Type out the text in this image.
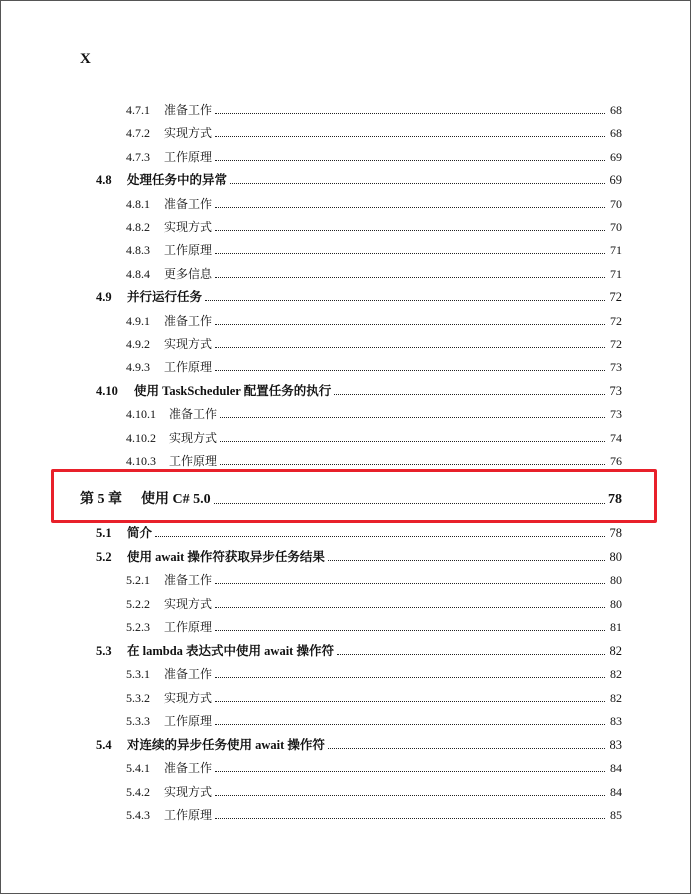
X
4.7.1	准备工作	68
4.7.2	实现方式	68
4.7.3	工作原理	69
4.8	处理任务中的异常	69
4.8.1	准备工作	70
4.8.2	实现方式	70
4.8.3	工作原理	71
4.8.4	更多信息	71
4.9	并行运行任务	72
4.9.1	准备工作	72
4.9.2	实现方式	72
4.9.3	工作原理	73
4.10	使用 TaskScheduler 配置任务的执行	73
4.10.1	准备工作	73
4.10.2	实现方式	74
4.10.3	工作原理	76
第 5 章	使用 C# 5.0	78
5.1	简介	78
5.2	使用 await 操作符获取异步任务结果	80
5.2.1	准备工作	80
5.2.2	实现方式	80
5.2.3	工作原理	81
5.3	在 lambda 表达式中使用 await 操作符	82
5.3.1	准备工作	82
5.3.2	实现方式	82
5.3.3	工作原理	83
5.4	对连续的异步任务使用 await 操作符	83
5.4.1	准备工作	84
5.4.2	实现方式	84
5.4.3	工作原理	85
